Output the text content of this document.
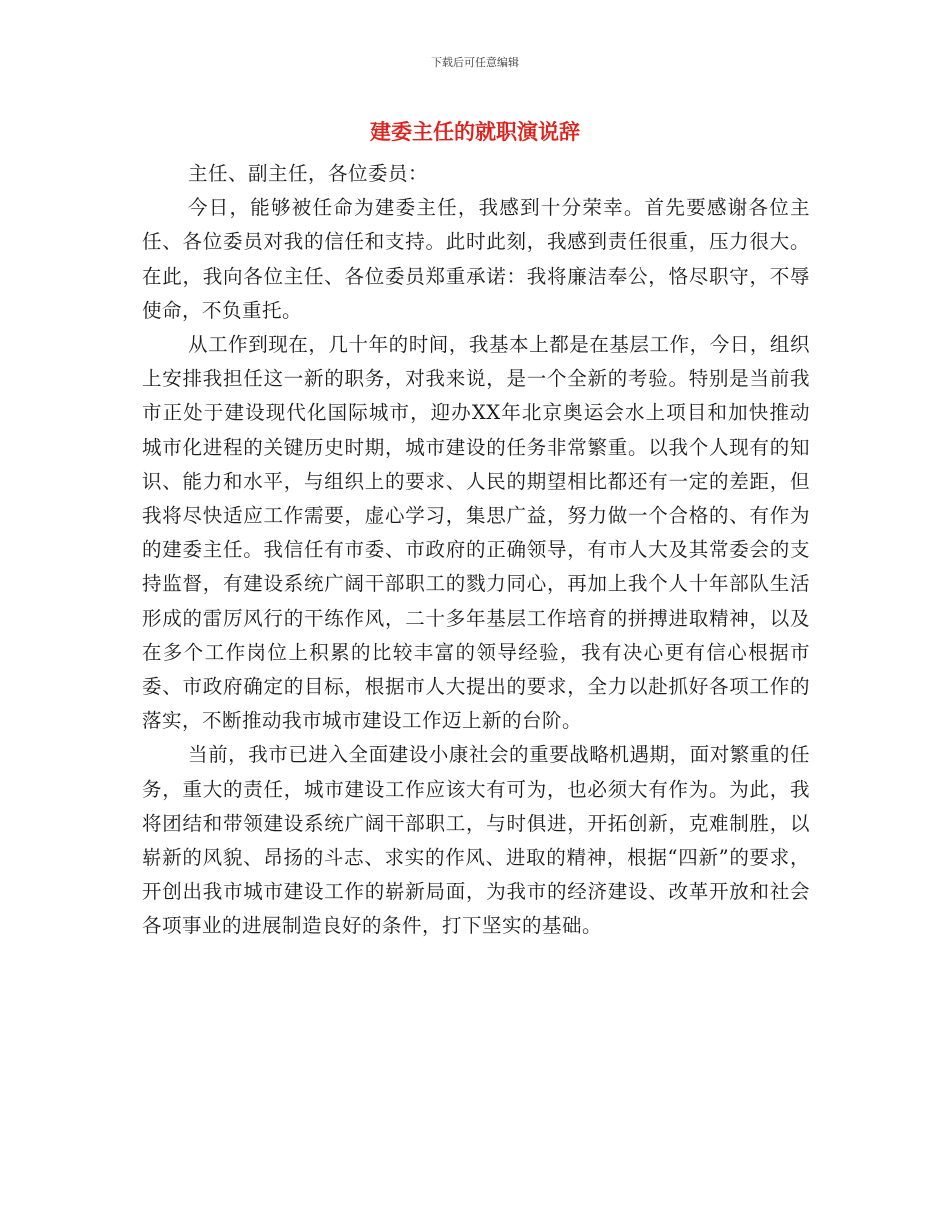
下载后可任意编辑
建委主任的就职演说辞

主任、副主任，各位委员：

今日，能够被任命为建委主任，我感到十分荣幸。首先要感谢各位主任、各位委员对我的信任和支持。此时此刻，我感到责任很重，压力很大。在此，我向各位主任、各位委员郑重承诺：我将廉洁奉公，恪尽职守，不辱使命，不负重托。

从工作到现在，几十年的时间，我基本上都是在基层工作，今日，组织上安排我担任这一新的职务，对我来说，是一个全新的考验。特别是当前我市正处于建设现代化国际城市，迎办XX年北京奥运会水上项目和加快推动城市化进程的关键历史时期，城市建设的任务非常繁重。以我个人现有的知识、能力和水平，与组织上的要求、人民的期望相比都还有一定的差距，但我将尽快适应工作需要，虚心学习，集思广益，努力做一个合格的、有作为的建委主任。我信任有市委、市政府的正确领导，有市人大及其常委会的支持监督，有建设系统广阔干部职工的戮力同心，再加上我个人十年部队生活形成的雷厉风行的干练作风，二十多年基层工作培育的拼搏进取精神，以及在多个工作岗位上积累的比较丰富的领导经验，我有决心更有信心根据市委、市政府确定的目标，根据市人大提出的要求，全力以赴抓好各项工作的落实，不断推动我市城市建设工作迈上新的台阶。

当前，我市已进入全面建设小康社会的重要战略机遇期，面对繁重的任务，重大的责任，城市建设工作应该大有可为，也必须大有作为。为此，我将团结和带领建设系统广阔干部职工，与时俱进，开拓创新，克难制胜，以崭新的风貌、昂扬的斗志、求实的作风、进取的精神，根据“四新”的要求，开创出我市城市建设工作的崭新局面，为我市的经济建设、改革开放和社会各项事业的进展制造良好的条件，打下坚实的基础。
